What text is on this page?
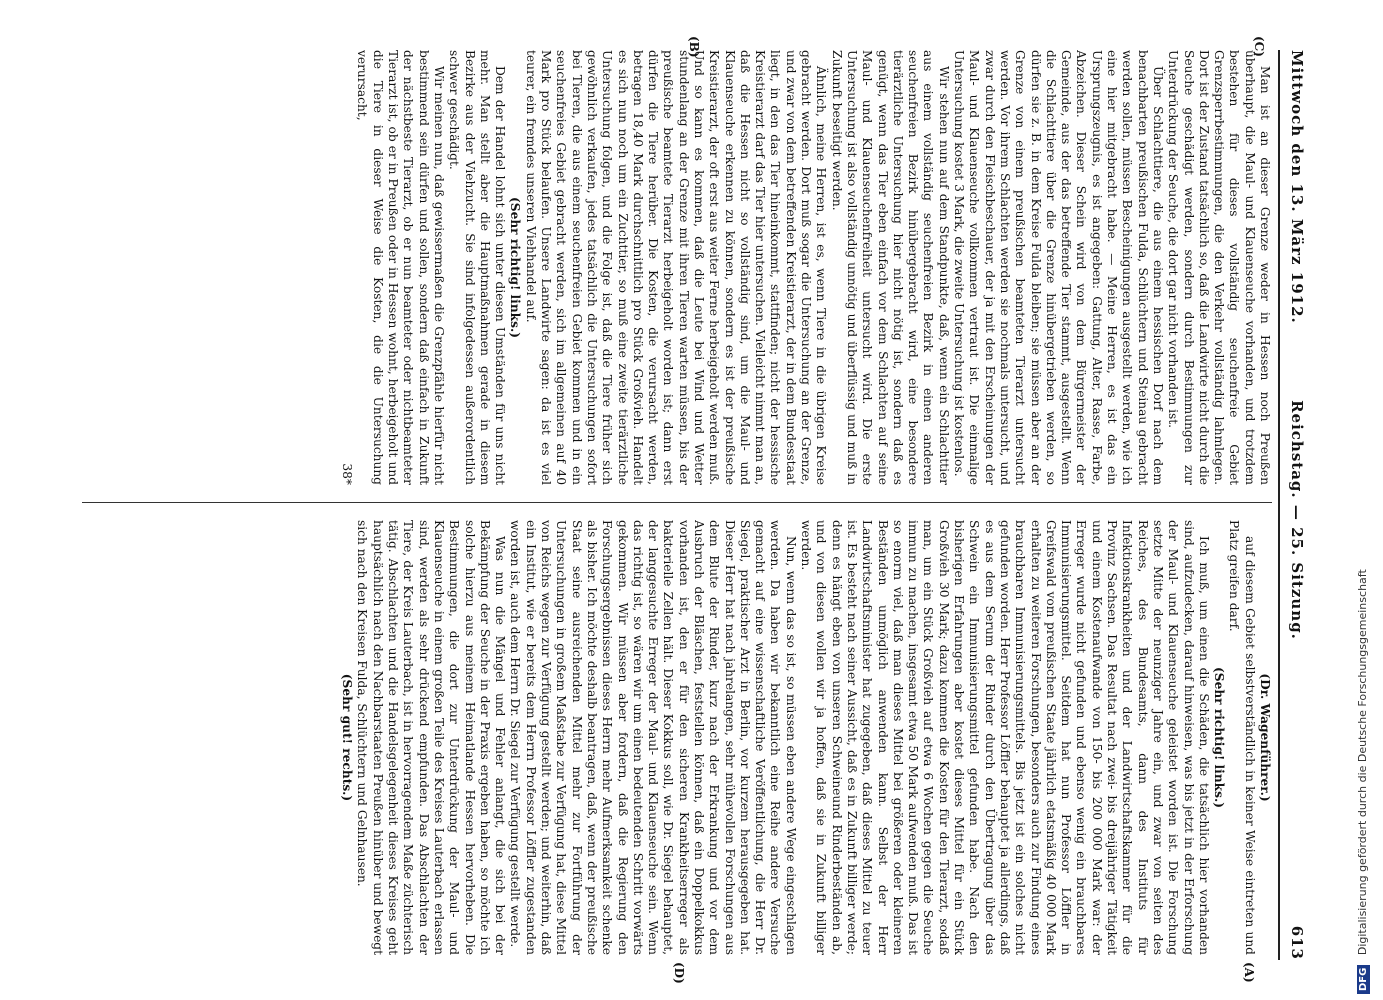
DFG Digitalisierung gefördert durch die Deutsche Forschungsgemeinschaft
Mittwoch den 13. März 1912.
Reichstag. — 25. Sitzung.
613
(C)
(D)	(A)
(B)

Man ist an dieser Grenze weder in Hessen noch Preußen überhaupt, die Maul- und Klauenseuche vorhanden, und trotzdem bestehen für dieses vollständig seuchenfreie Gebiet Grenzsperrbestimmungen, die den Verkehr vollständig lahmlegen. Dort ist der Zustand tatsächlich so, daß die Landwirte nicht durch die Seuche geschädigt werden, sondern durch Bestimmungen zur Unterdrückung der Seuche, die dort gar nicht vorhanden ist.

Über Schlachttiere, die aus einem hessischen Dorf nach dem benachbarten preußischen Fulda, Schlüchtern und Steinau gebracht werden sollen, müssen Bescheinigungen ausgestellt werden, wie ich eine hier mitgebracht habe. — Meine Herren, es ist das ein Ursprungszeugnis, es ist angegeben: Gattung, Alter, Rasse, Farbe, Abzeichen. Dieser Schein wird von dem Bürgermeister der Gemeinde, aus der das betreffende Tier stammt, ausgestellt. Wenn die Schlachttiere über die Grenze hinübergetrieben werden, so dürfen sie z. B. in dem Kreise Fulda bleiben; sie müssen aber an der Grenze von einem preußischen beamteten Tierarzt untersucht werden. Vor ihrem Schlachten werden sie nochmals untersucht, und zwar durch den Fleischbeschauer, der ja mit den Erscheinungen der Maul- und Klauenseuche vollkommen vertraut ist. Die einmalige Untersuchung kostet 3 Mark, die zweite Untersuchung ist kostenlos.

Wir stehen nun auf dem Standpunkte, daß, wenn ein Schlachttier aus einem vollständig seuchenfreien Bezirk in einen anderen seuchenfreien Bezirk hinübergebracht wird, eine besondere tierärztliche Untersuchung hier nicht nötig ist, sondern daß es genügt, wenn das Tier eben einfach vor dem Schlachten auf seine Maul- und Klauenseuchenfreiheit untersucht wird. Die erste Untersuchung ist also vollständig unnötig und überflüssig und muß in Zukunft beseitigt werden.

Ähnlich, meine Herren, ist es, wenn Tiere in die übrigen Kreise gebracht werden. Dort muß sogar die Untersuchung an der Grenze, und zwar von dem betreffenden Kreistierarzt, der in dem Bundesstaat liegt, in den das Tier hineinkommt, stattfinden; nicht der hessische Kreistierarzt darf das Tier hier untersuchen. Vielleicht nimmt man an, daß die Hessen nicht so vollständig sind, um die Maul- und Klauenseuche erkennen zu können, sondern es ist der preußische Kreistierarzt, der oft erst aus weiter Ferne herbeigeholt werden muß. Und so kann es kommen, daß die Leute bei Wind und Wetter stundenlang an der Grenze mit ihren Tieren warten müssen, bis der preußische beamtete Tierarzt herbeigeholt worden ist; dann erst dürfen die Tiere herüber. Die Kosten, die verursacht werden, betragen 18,40 Mark durchschnittlich pro Stück Großvieh. Handelt es sich nun noch um ein Zuchttier, so muß eine zweite tierärztliche Untersuchung folgen, und die Folge ist, daß die Tiere früher sich gewöhnlich verkaufen, jedes tatsächlich die Untersuchungen sofort bei Tieren, die aus einem seuchenfreien Gebiet kommen und in ein seuchenfreies Gebiet gebracht werden, sich im allgemeinen auf 40 Mark pro Stück belaufen. Unsere Landwirte sagen: da ist es viel teurer, ein fremdes unseren Viehhandel auf.

(Sehr richtig! links.)

Dem der Handel lohnt sich unter diesen Umständen für uns nicht mehr. Man stellt aber die Hauptmaßnahmen gerade in diesem Bezirke aus der Viehzucht. Sie sind infolgedessen außerordentlich schwer geschädigt.

Wir meinen nun, daß gewissermaßen die Grenzpfähle hierfür nicht bestimmend sein dürfen und sollen, sondern daß einfach in Zukunft der nächstbeste Tierarzt, ob er nun beamteter oder nichtbeamteter Tierarzt ist, ob er in Preußen oder in Hessen wohnt, herbeigeholt und die Tiere in dieser Weise die Kosten, die die Untersuchung verursacht,

38*

(Dr. Wagenführer.)

auf diesem Gebiet selbstverständlich in keiner Weise eintreten und Platz greifen darf.

(Sehr richtig! links.)

Ich muß, um einen die Schäden, die tatsächlich hier vorhanden sind, aufzudecken, darauf hinweisen, was bis jetzt in der Erforschung der Maul- und Klauenseuche geleistet worden ist. Die Forschung setzte Mitte der neunziger Jahre ein, und zwar von seiten des Reiches, des Bundesamts, dann des Instituts für Infektionskrankheiten und der Landwirtschaftskammer für die Provinz Sachsen. Das Resultat nach zwei- bis dreijähriger Tätigkeit und einem Kostenaufwande von 150- bis 200 000 Mark war: der Erreger wurde nicht gefunden und ebenso wenig ein brauchbares Immunisierungsmittel. Seitdem hat nun Professor Löffler in Greifswald vom preußischen Staate jährlich etatsmäßig 40 000 Mark erhalten zu weiteren Forschungen, besonders auch zur Findung eines brauchbaren Immunisierungsmittels. Bis jetzt ist ein solches nicht gefunden worden. Herr Professor Löffler behauptet ja allerdings, daß es aus dem Serum der Rinder durch den Übertragung über das Schwein ein Immunisierungsmittel gefunden habe. Nach den bisherigen Erfahrungen aber kostet dieses Mittel für ein Stück Großvieh 30 Mark; dazu kommen die Kosten für den Tierarzt, sodaß man, um ein Stück Großvieh auf etwa 6 Wochen gegen die Seuche immun zu machen, insgesamt etwa 50 Mark aufwenden muß. Das ist so enorm viel, daß man dieses Mittel bei größeren oder kleineren Beständen unmöglich anwenden kann. Selbst der Herr Landwirtschaftsminister hat zugegeben, daß dieses Mittel zu teuer ist. Es besteht nach seiner Aussicht, daß es in Zukunft billiger werde; denn es hängt eben von unseren Schweineund Rinderbeständen ab, und von diesen wollen wir ja hoffen, daß sie in Zukunft billiger werden.

Nun, wenn das so ist, so müssen eben andere Wege eingeschlagen werden. Da haben wir bekanntlich eine Reihe andere Versuche gemacht auf eine wissenschaftliche Veröffentlichung, die Herr Dr. Siegel, praktischer Arzt in Berlin, vor kurzem herausgegeben hat. Dieser Herr hat nach jahrelangen, sehr mühevollen Forschungen aus dem Blute der Rinder, kurz nach der Erkrankung und vor dem Ausbruch der Bläschen, feststellen können, daß ein Doppelkokkus vorhanden ist, den er für den sicheren Krankheitserreger als bakterielle Zellen hält. Dieser Kokkus soll, wie Dr. Siegel behauptet, der langgesuchte Erreger der Maul- und Klauenseuche sein. Wenn das richtig ist, so wären wir um einen bedeutenden Schritt vorwärts gekommen. Wir müssen aber fordern, daß die Regierung den Forschungsergebnissen dieses Herrn mehr Aufmerksamkeit schenke als bisher. Ich möchte deshalb beantragen, daß, wenn der preußische Staat seine ausreichenden Mittel mehr zur Fortführung der Untersuchungen in großem Maßstabe zur Verfügung hat, diese Mittel von Reichs wegen zur Verfügung gestellt werden; und weiterhin, daß ein Institut, wie er bereits dem Herrn Professor Löffler zugestanden worden ist, auch dem Herrn Dr. Siegel zur Verfügung gestellt werde.

Was nun die Mängel und Fehler anlangt, die sich bei der Bekämpfung der Seuche in der Praxis ergeben haben, so möchte ich solche hierzu aus meinem Heimatlande Hessen hervorheben. Die Bestimmungen, die dort zur Unterdrückung der Maul- und Klauenseuche in einem großen Teile des Kreises Lauterbach erlassen sind, werden als sehr drückend empfunden. Das Abschlachten der Tiere, der Kreis Lauterbach, ist in hervorragendem Maße züchterisch tätig. Abschlachten und die Handelsgelegenheit dieses Kreises geht hauptsächlich nach den Nachbarstaaten Preußen hinüber und bewegt sich nach den Kreisen Fulda, Schlüchtern und Gelnhausen.

(Sehr gut! rechts.)
